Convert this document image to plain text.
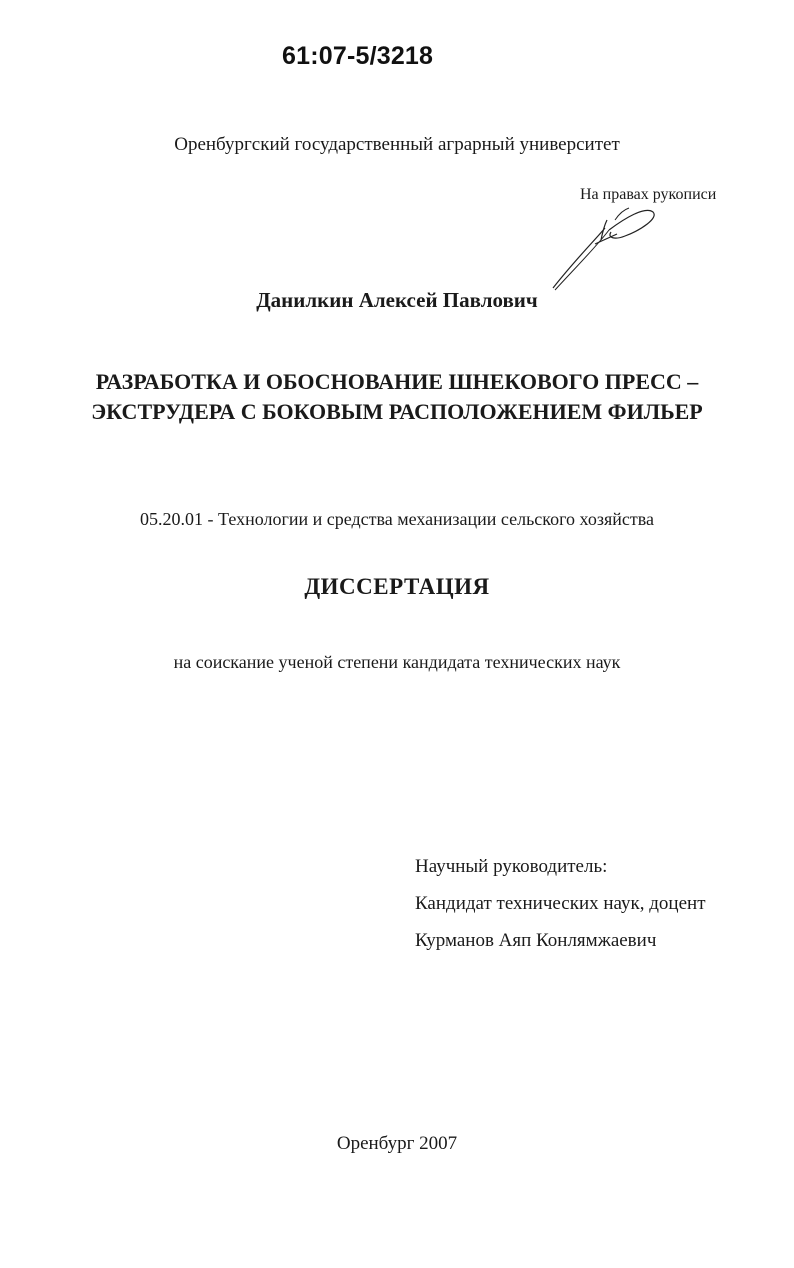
61:07-5/3218
Оренбургский государственный аграрный университет
На правах рукописи
Данилкин Алексей Павлович
РАЗРАБОТКА И ОБОСНОВАНИЕ ШНЕКОВОГО ПРЕСС –
ЭКСТРУДЕРА С БОКОВЫМ РАСПОЛОЖЕНИЕМ ФИЛЬЕР
05.20.01 - Технологии и средства механизации сельского хозяйства
ДИССЕРТАЦИЯ
на соискание ученой степени кандидата технических наук
Научный руководитель:
Кандидат технических наук, доцент
Курманов Аяп Конлямжаевич
Оренбург 2007
